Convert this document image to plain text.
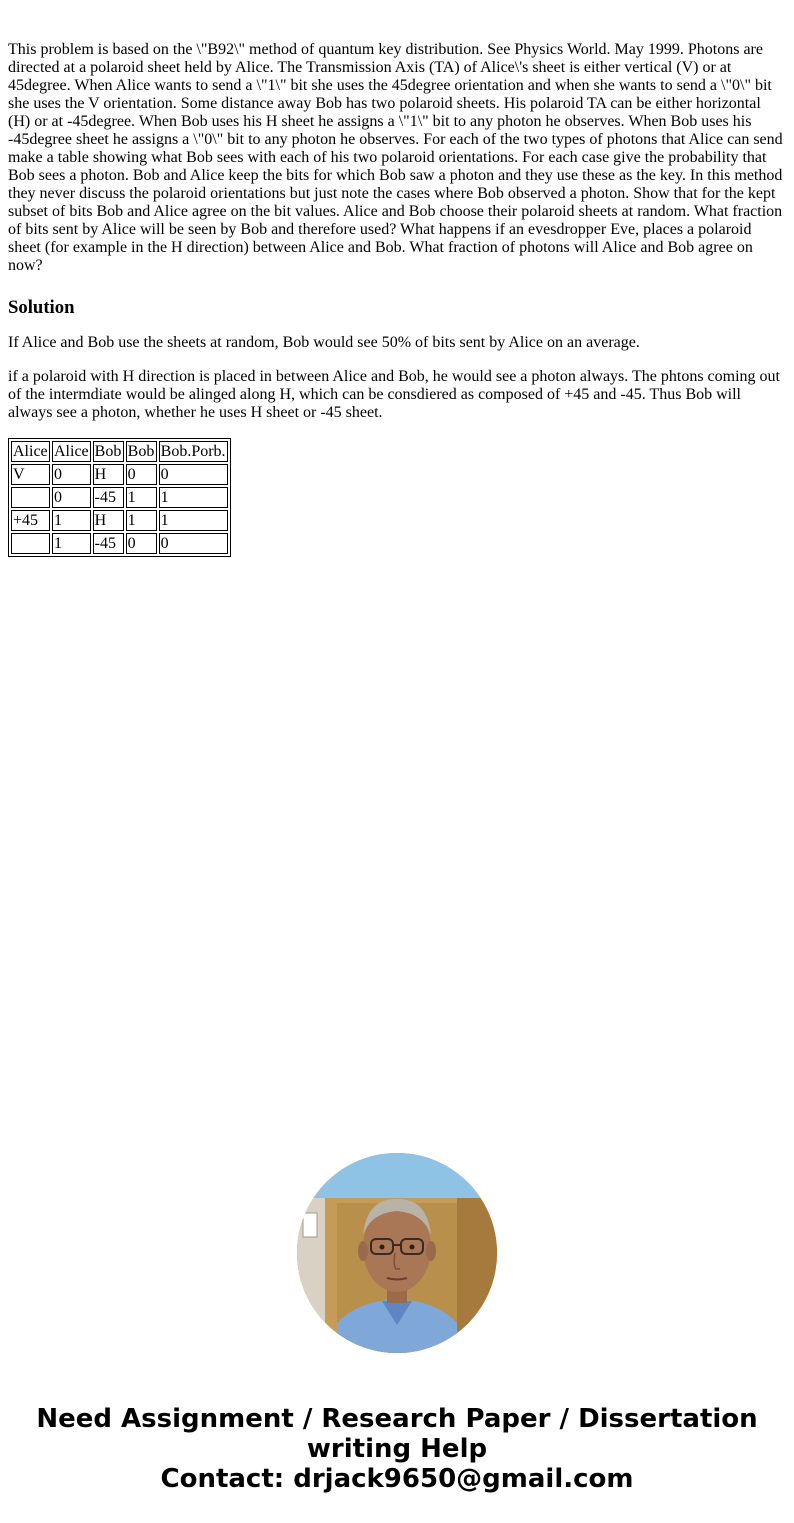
This problem is based on the \"B92\" method of quantum key distribution. See Physics World. May 1999. Photons are directed at a polaroid sheet held by Alice. The Transmission Axis (TA) of Alice\'s sheet is either vertical (V) or at 45degree. When Alice wants to send a \"1\" bit she uses the 45degree orientation and when she wants to send a \"0\" bit she uses the V orientation. Some distance away Bob has two polaroid sheets. His polaroid TA can be either horizontal (H) or at -45degree. When Bob uses his H sheet he assigns a \"1\" bit to any photon he observes. When Bob uses his -45degree sheet he assigns a \"0\" bit to any photon he observes. For each of the two types of photons that Alice can send make a table showing what Bob sees with each of his two polaroid orientations. For each case give the probability that Bob sees a photon. Bob and Alice keep the bits for which Bob saw a photon and they use these as the key. In this method they never discuss the polaroid orientations but just note the cases where Bob observed a photon. Show that for the kept subset of bits Bob and Alice agree on the bit values. Alice and Bob choose their polaroid sheets at random. What fraction of bits sent by Alice will be seen by Bob and therefore used? What happens if an evesdropper Eve, places a polaroid sheet (for example in the H direction) between Alice and Bob. What fraction of photons will Alice and Bob agree on now?

Solution

If Alice and Bob use the sheets at random, Bob would see 50% of bits sent by Alice on an average.

if a polaroid with H direction is placed in between Alice and Bob, he would see a photon always. The phtons coming out of the intermdiate would be alinged along H, which can be consdiered as composed of +45 and -45. Thus Bob will always see a photon, whether he uses H sheet or -45 sheet.

Alice	Alice	Bob	Bob	Bob.Porb.
V	0	H	0	0
	0	-45	1	1
+45	1	H	1	1
	1	-45	0	0
Need Assignment / Research Paper / Dissertation
writing Help
Contact: drjack9650@gmail.com
